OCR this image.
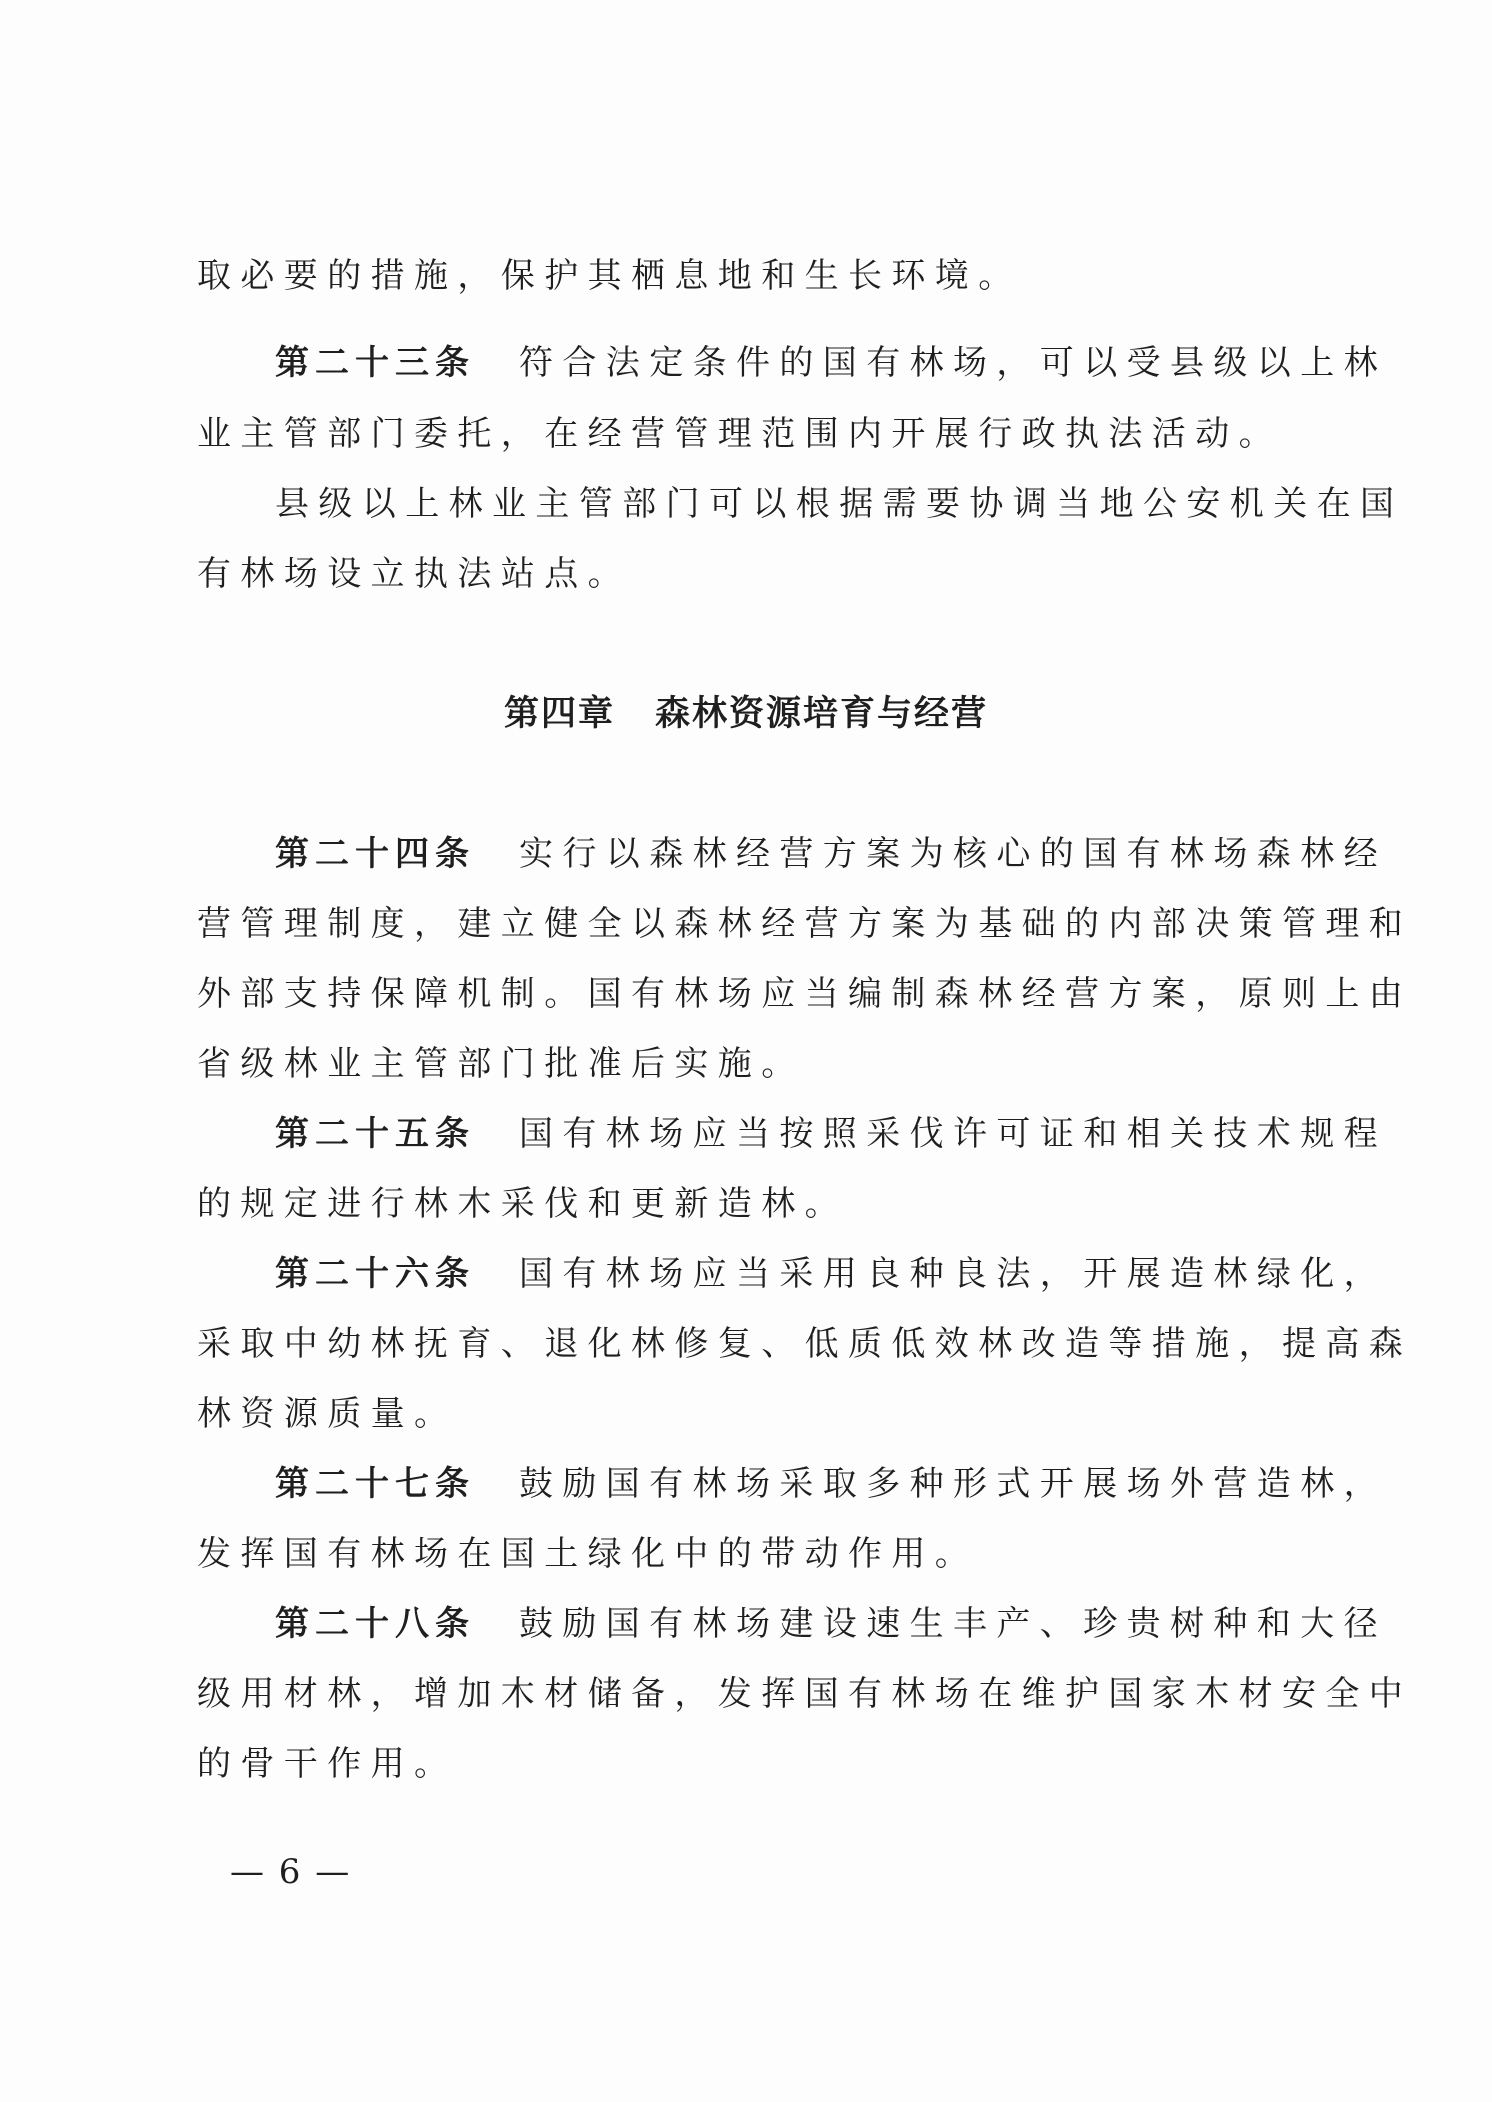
取必要的措施，保护其栖息地和生长环境。
第二十三条 符合法定条件的国有林场，可以受县级以上林
业主管部门委托，在经营管理范围内开展行政执法活动。
县级以上林业主管部门可以根据需要协调当地公安机关在国
有林场设立执法站点。
第四章 森林资源培育与经营
第二十四条 实行以森林经营方案为核心的国有林场森林经
营管理制度，建立健全以森林经营方案为基础的内部决策管理和
外部支持保障机制。国有林场应当编制森林经营方案，原则上由
省级林业主管部门批准后实施。
第二十五条 国有林场应当按照采伐许可证和相关技术规程
的规定进行林木采伐和更新造林。
第二十六条 国有林场应当采用良种良法，开展造林绿化，
采取中幼林抚育、退化林修复、低质低效林改造等措施，提高森
林资源质量。
第二十七条 鼓励国有林场采取多种形式开展场外营造林，
发挥国有林场在国土绿化中的带动作用。
第二十八条 鼓励国有林场建设速生丰产、珍贵树种和大径
级用材林，增加木材储备，发挥国有林场在维护国家木材安全中
的骨干作用。
— 6 —
